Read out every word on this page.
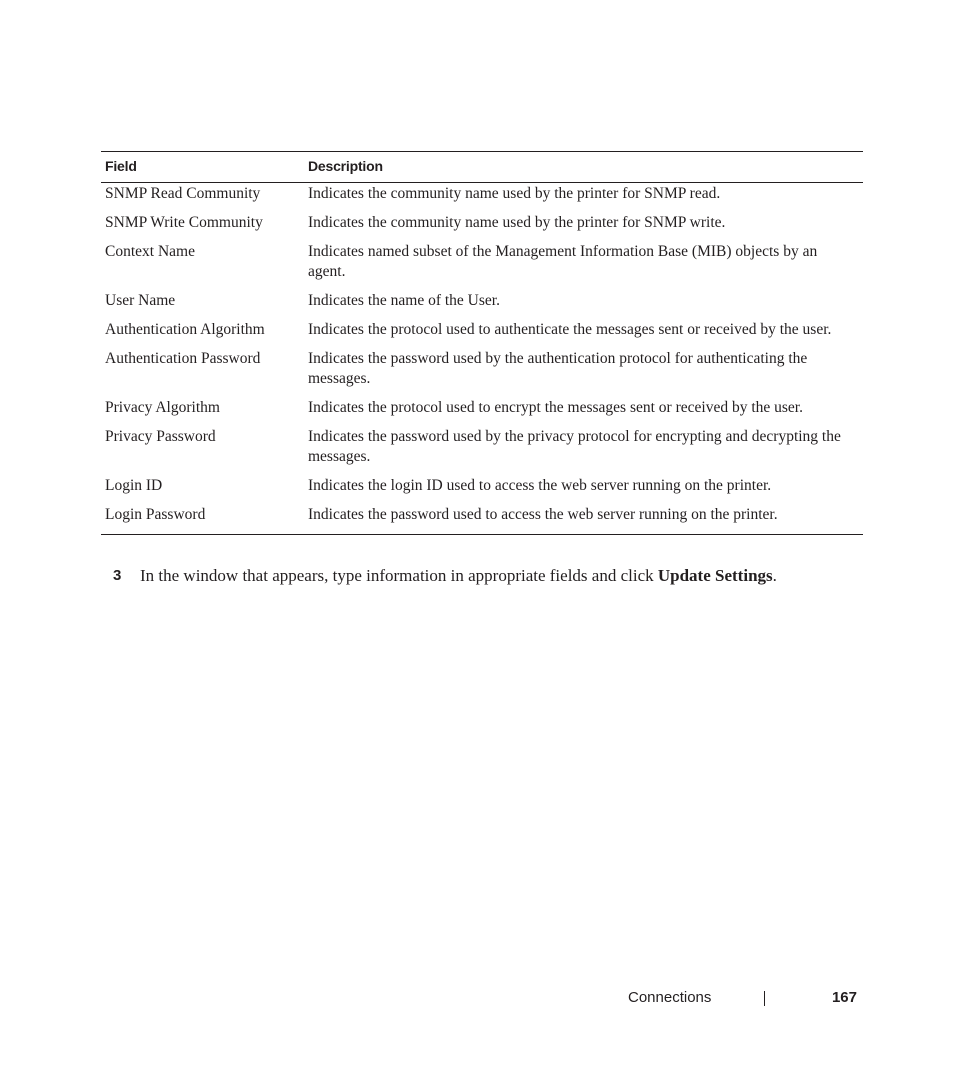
Field	Description
SNMP Read Community	Indicates the community name used by the printer for SNMP read.
SNMP Write Community	Indicates the community name used by the printer for SNMP write.
Context Name	Indicates named subset of the Management Information Base (MIB) objects by an agent.
User Name	Indicates the name of the User.
Authentication Algorithm	Indicates the protocol used to authenticate the messages sent or received by the user.
Authentication Password	Indicates the password used by the authentication protocol for authenticating the messages.
Privacy Algorithm	Indicates the protocol used to encrypt the messages sent or received by the user.
Privacy Password	Indicates the password used by the privacy protocol for encrypting and decrypting the messages.
Login ID	Indicates the login ID used to access the web server running on the printer.
Login Password	Indicates the password used to access the web server running on the printer.
3 In the window that appears, type information in appropriate fields and click Update Settings.
Connections	167
